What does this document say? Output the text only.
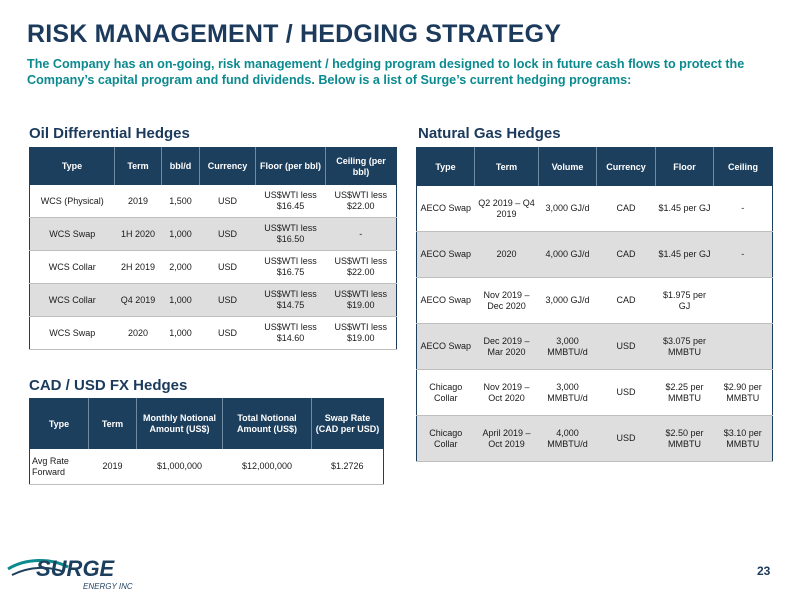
RISK MANAGEMENT / HEDGING STRATEGY
The Company has an on-going, risk management / hedging program designed to lock in future cash flows to protect the Company’s capital program and fund dividends. Below is a list of Surge’s current hedging programs:
Oil Differential Hedges
Type	Term	bbl/d	Currency	Floor (per bbl)	Ceiling (per bbl)
WCS (Physical)	2019	1,500	USD	US$WTI less $16.45	US$WTI less $22.00
WCS Swap	1H 2020	1,000	USD	US$WTI less $16.50	-
WCS Collar	2H 2019	2,000	USD	US$WTI less $16.75	US$WTI less $22.00
WCS Collar	Q4 2019	1,000	USD	US$WTI less $14.75	US$WTI less $19.00
WCS Swap	2020	1,000	USD	US$WTI less $14.60	US$WTI less $19.00
CAD / USD FX Hedges
Type	Term	Monthly Notional Amount (US$)	Total Notional Amount (US$)	Swap Rate (CAD per USD)
Avg Rate Forward	2019	$1,000,000	$12,000,000	$1.2726
Natural Gas Hedges
Type	Term	Volume	Currency	Floor	Ceiling
AECO Swap	Q2 2019 – Q4 2019	3,000 GJ/d	CAD	$1.45 per GJ	-
AECO Swap	2020	4,000 GJ/d	CAD	$1.45 per GJ	-
AECO Swap	Nov 2019 – Dec 2020	3,000 GJ/d	CAD	$1.975 per GJ	
AECO Swap	Dec 2019 – Mar 2020	3,000 MMBTU/d	USD	$3.075 per MMBTU	
Chicago Collar	Nov 2019 – Oct 2020	3,000 MMBTU/d	USD	$2.25 per MMBTU	$2.90 per MMBTU
Chicago Collar	April 2019 – Oct 2019	4,000 MMBTU/d	USD	$2.50 per MMBTU	$3.10 per MMBTU
SURGE
ENERGY INC
23
